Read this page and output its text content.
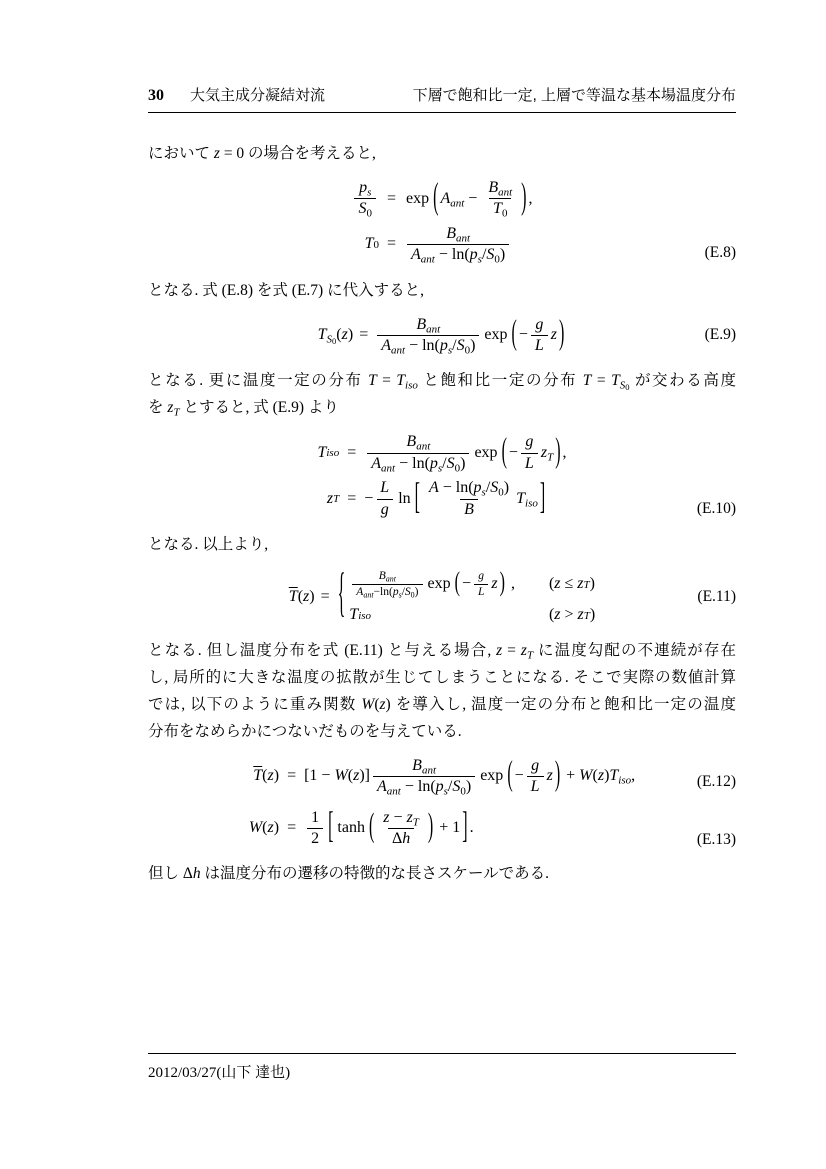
30 大気主成分凝結対流	下層で飽和比一定, 上層で等温な基本場温度分布
において z = 0 の場合を考えると,
$\frac{p_s}{S_0} = \exp$ ( $A_{ant} - \frac{B_{ant}}{T_0}$ ) ,
T $0 = \frac{B_{ant}}{A_{ant} - \ln(p_s/S_0)}$	(E.8)
となる. 式 (E.8) を式 (E.7) に代入すると,
$T_{S0}(z) = \frac{B_{ant}}{A_{ant} - \ln(p_s/S_0)}$ exp ( − $\frac{g}{L}$ z )	(E.9)
となる. 更に温度一定の分布 $T = T_{iso}$ と飽和比一定の分布 $T = T_{S0}$ が交わる高度
を $z_T$ とすると, 式 (E.9) より
T iso = $\frac{B_{ant}}{A_{ant} - \ln(p_s/S_0)}$ exp ( − $\frac{g}{L} z_T$ ) ,
z T = − $\frac{L}{g}$ ln [ $\frac{A - \ln(p_s/S_0)}{B} T_{iso}$ ]	(E.10)
となる. 以上より,
$\overline{T}(z)$ = { $\frac{B_{ant}}{A_{ant}-\ln(p_s/S_0)}$ exp ( − $\frac{g}{L}$ z ) , ( z ≤ z T )
T iso	( z > z T )
(E.11)
となる. 但し温度分布を式 (E.11) と与える場合, $z = z_T$ に温度勾配の不連続が存在
し, 局所的に大きな温度の拡散が生じてしまうことになる. そこで実際の数値計算
では, 以下のように重み関数 W(z) を導入し, 温度一定の分布と飽和比一定の温度
分布をなめらかにつないだものを与えている.
$\overline{T}$ ( z ) = $[1 - W(z)] \frac{B_{ant}}{A_{ant} - \ln(p_s/S_0)}$ exp ( − $\frac{g}{L}$ z ) + $W(z)T_{iso}$,
W ( z ) = $\frac{1}{2}$ [ tanh ( $\frac{z - z_T}{\Delta h}$ ) + 1 ] .
(E.12)
(E.13)
但し Δh は温度分布の遷移の特徴的な長さスケールである.
2012/03/27(山下 達也)
